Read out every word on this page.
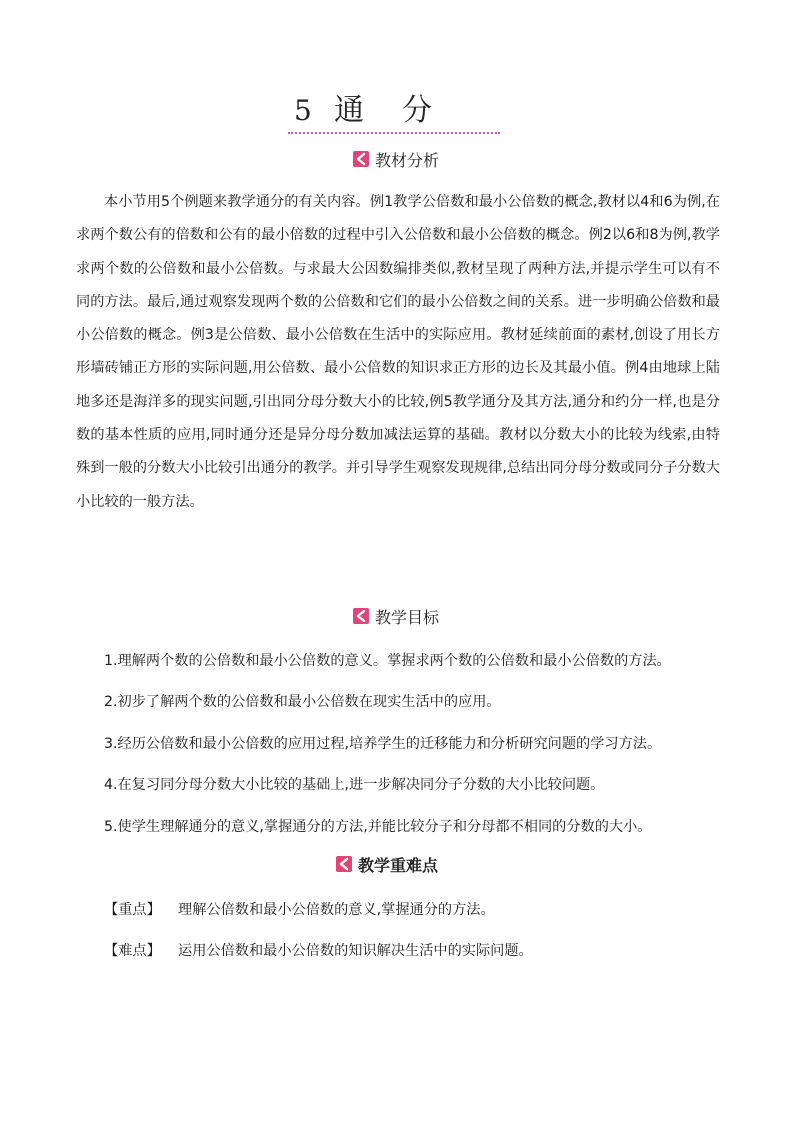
5 通 分
教材分析

本小节用5个例题来教学通分的有关内容。例1教学公倍数和最小公倍数的概念,教材以4和6为例,在求两个数公有的倍数和公有的最小倍数的过程中引入公倍数和最小公倍数的概念。例2以6和8为例,教学求两个数的公倍数和最小公倍数。与求最大公因数编排类似,教材呈现了两种方法,并提示学生可以有不同的方法。最后,通过观察发现两个数的公倍数和它们的最小公倍数之间的关系。进一步明确公倍数和最小公倍数的概念。例3是公倍数、最小公倍数在生活中的实际应用。教材延续前面的素材,创设了用长方形墙砖铺正方形的实际问题,用公倍数、最小公倍数的知识求正方形的边长及其最小值。例4由地球上陆地多还是海洋多的现实问题,引出同分母分数大小的比较,例5教学通分及其方法,通分和约分一样,也是分数的基本性质的应用,同时通分还是异分母分数加减法运算的基础。教材以分数大小的比较为线索,由特殊到一般的分数大小比较引出通分的教学。并引导学生观察发现规律,总结出同分母分数或同分子分数大小比较的一般方法。

教学目标
1.理解两个数的公倍数和最小公倍数的意义。掌握求两个数的公倍数和最小公倍数的方法。
2.初步了解两个数的公倍数和最小公倍数在现实生活中的应用。
3.经历公倍数和最小公倍数的应用过程,培养学生的迁移能力和分析研究问题的学习方法。
4.在复习同分母分数大小比较的基础上,进一步解决同分子分数的大小比较问题。
5.使学生理解通分的意义,掌握通分的方法,并能比较分子和分母都不相同的分数的大小。
教学重难点
【重点】 理解公倍数和最小公倍数的意义,掌握通分的方法。
【难点】 运用公倍数和最小公倍数的知识解决生活中的实际问题。
